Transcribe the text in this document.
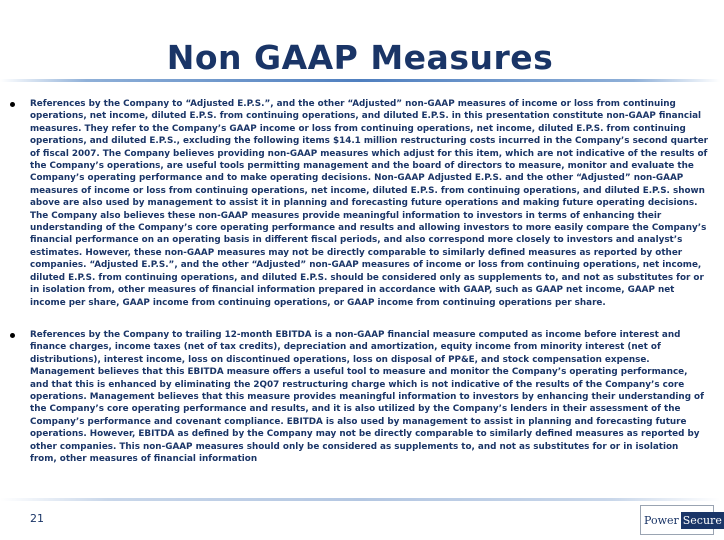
Non GAAP Measures
References by the Company to “Adjusted E.P.S.”, and the other “Adjusted” non-GAAP measures of income or loss from continuing operations, net income, diluted E.P.S. from continuing operations, and diluted E.P.S. in this presentation constitute non-GAAP financial measures. They refer to the Company’s GAAP income or loss from continuing operations, net income, diluted E.P.S. from continuing operations, and diluted E.P.S., excluding the following items $14.1 million restructuring costs incurred in the Company’s second quarter of fiscal 2007. The Company believes providing non-GAAP measures which adjust for this item, which are not indicative of the results of the Company’s operations, are useful tools permitting management and the board of directors to measure, monitor and evaluate the Company’s operating performance and to make operating decisions. Non-GAAP Adjusted E.P.S. and the other “Adjusted” non-GAAP measures of income or loss from continuing operations, net income, diluted E.P.S. from continuing operations, and diluted E.P.S. shown above are also used by management to assist it in planning and forecasting future operations and making future operating decisions. The Company also believes these non-GAAP measures provide meaningful information to investors in terms of enhancing their understanding of the Company’s core operating performance and results and allowing investors to more easily compare the Company’s financial performance on an operating basis in different fiscal periods, and also correspond more closely to investors and analyst’s estimates. However, these non-GAAP measures may not be directly comparable to similarly defined measures as reported by other companies. “Adjusted E.P.S.”, and the other “Adjusted” non-GAAP measures of income or loss from continuing operations, net income, diluted E.P.S. from continuing operations, and diluted E.P.S. should be considered only as supplements to, and not as substitutes for or in isolation from, other measures of financial information prepared in accordance with GAAP, such as GAAP net income, GAAP net income per share, GAAP income from continuing operations, or GAAP income from continuing operations per share.
References by the Company to trailing 12-month EBITDA is a non-GAAP financial measure computed as income before interest and finance charges, income taxes (net of tax credits), depreciation and amortization, equity income from minority interest (net of distributions), interest income, loss on discontinued operations, loss on disposal of PP&E, and stock compensation expense. Management believes that this EBITDA measure offers a useful tool to measure and monitor the Company’s operating performance, and that this is enhanced by eliminating the 2Q07 restructuring charge which is not indicative of the results of the Company’s core operations. Management believes that this measure provides meaningful information to investors by enhancing their understanding of the Company’s core operating performance and results, and it is also utilized by the Company’s lenders in their assessment of the Company’s performance and covenant compliance. EBITDA is also used by management to assist in planning and forecasting future operations. However, EBITDA as defined by the Company may not be directly comparable to similarly defined measures as reported by other companies. This non-GAAP measures should only be considered as supplements to, and not as substitutes for or in isolation from, other measures of financial information
21	Power Secure
